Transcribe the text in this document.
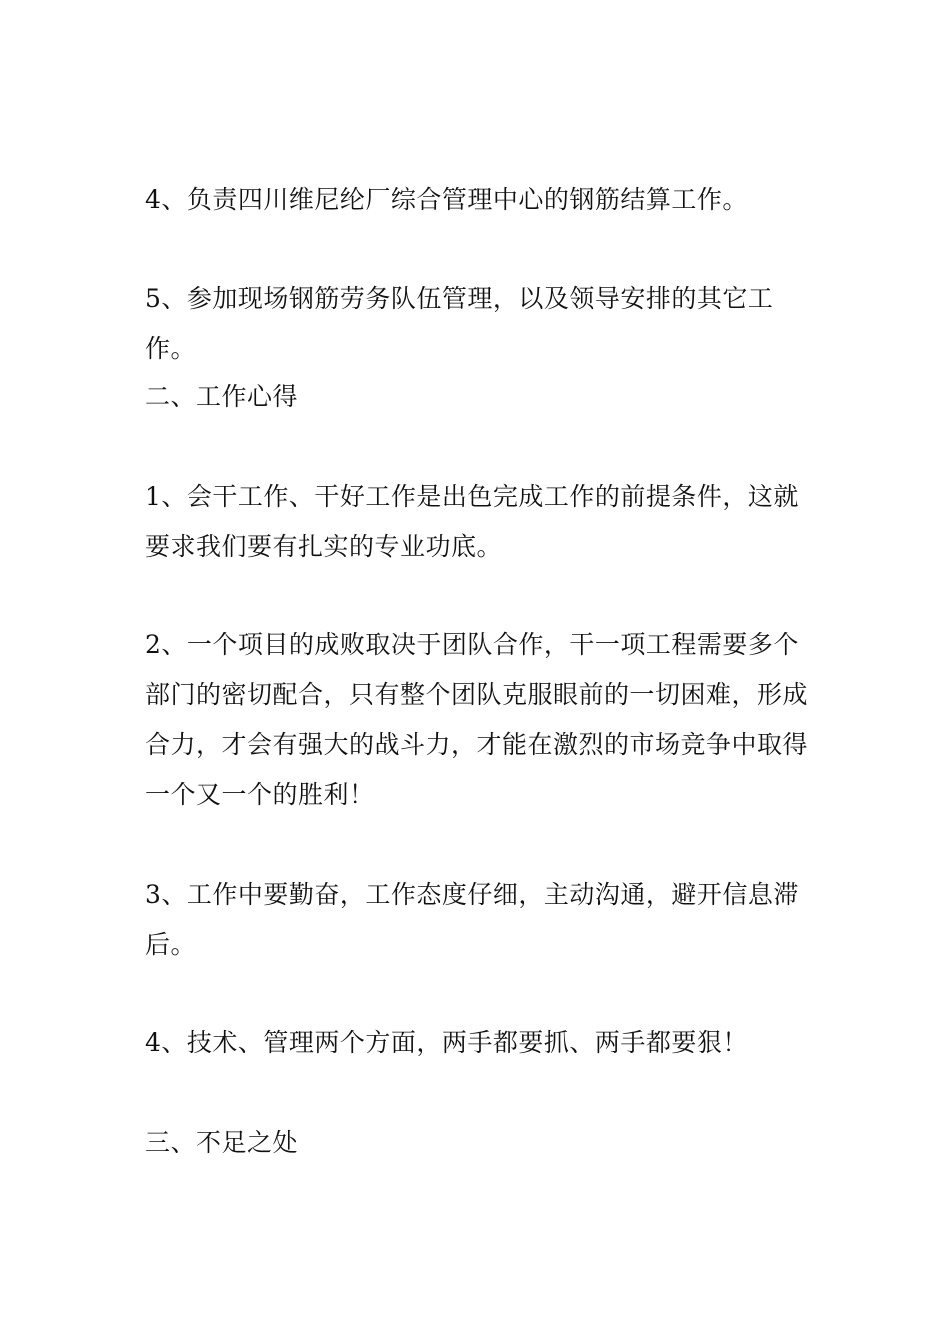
4、负责四川维尼纶厂综合管理中心的钢筋结算工作。
5、参加现场钢筋劳务队伍管理，以及领导安排的其它工作。
二、工作心得
1、会干工作、干好工作是出色完成工作的前提条件，这就要求我们要有扎实的专业功底。
2、一个项目的成败取决于团队合作，干一项工程需要多个部门的密切配合，只有整个团队克服眼前的一切困难，形成合力，才会有强大的战斗力，才能在激烈的市场竞争中取得一个又一个的胜利！
3、工作中要勤奋，工作态度仔细，主动沟通，避开信息滞后。
4、技术、管理两个方面，两手都要抓、两手都要狠！
三、不足之处
